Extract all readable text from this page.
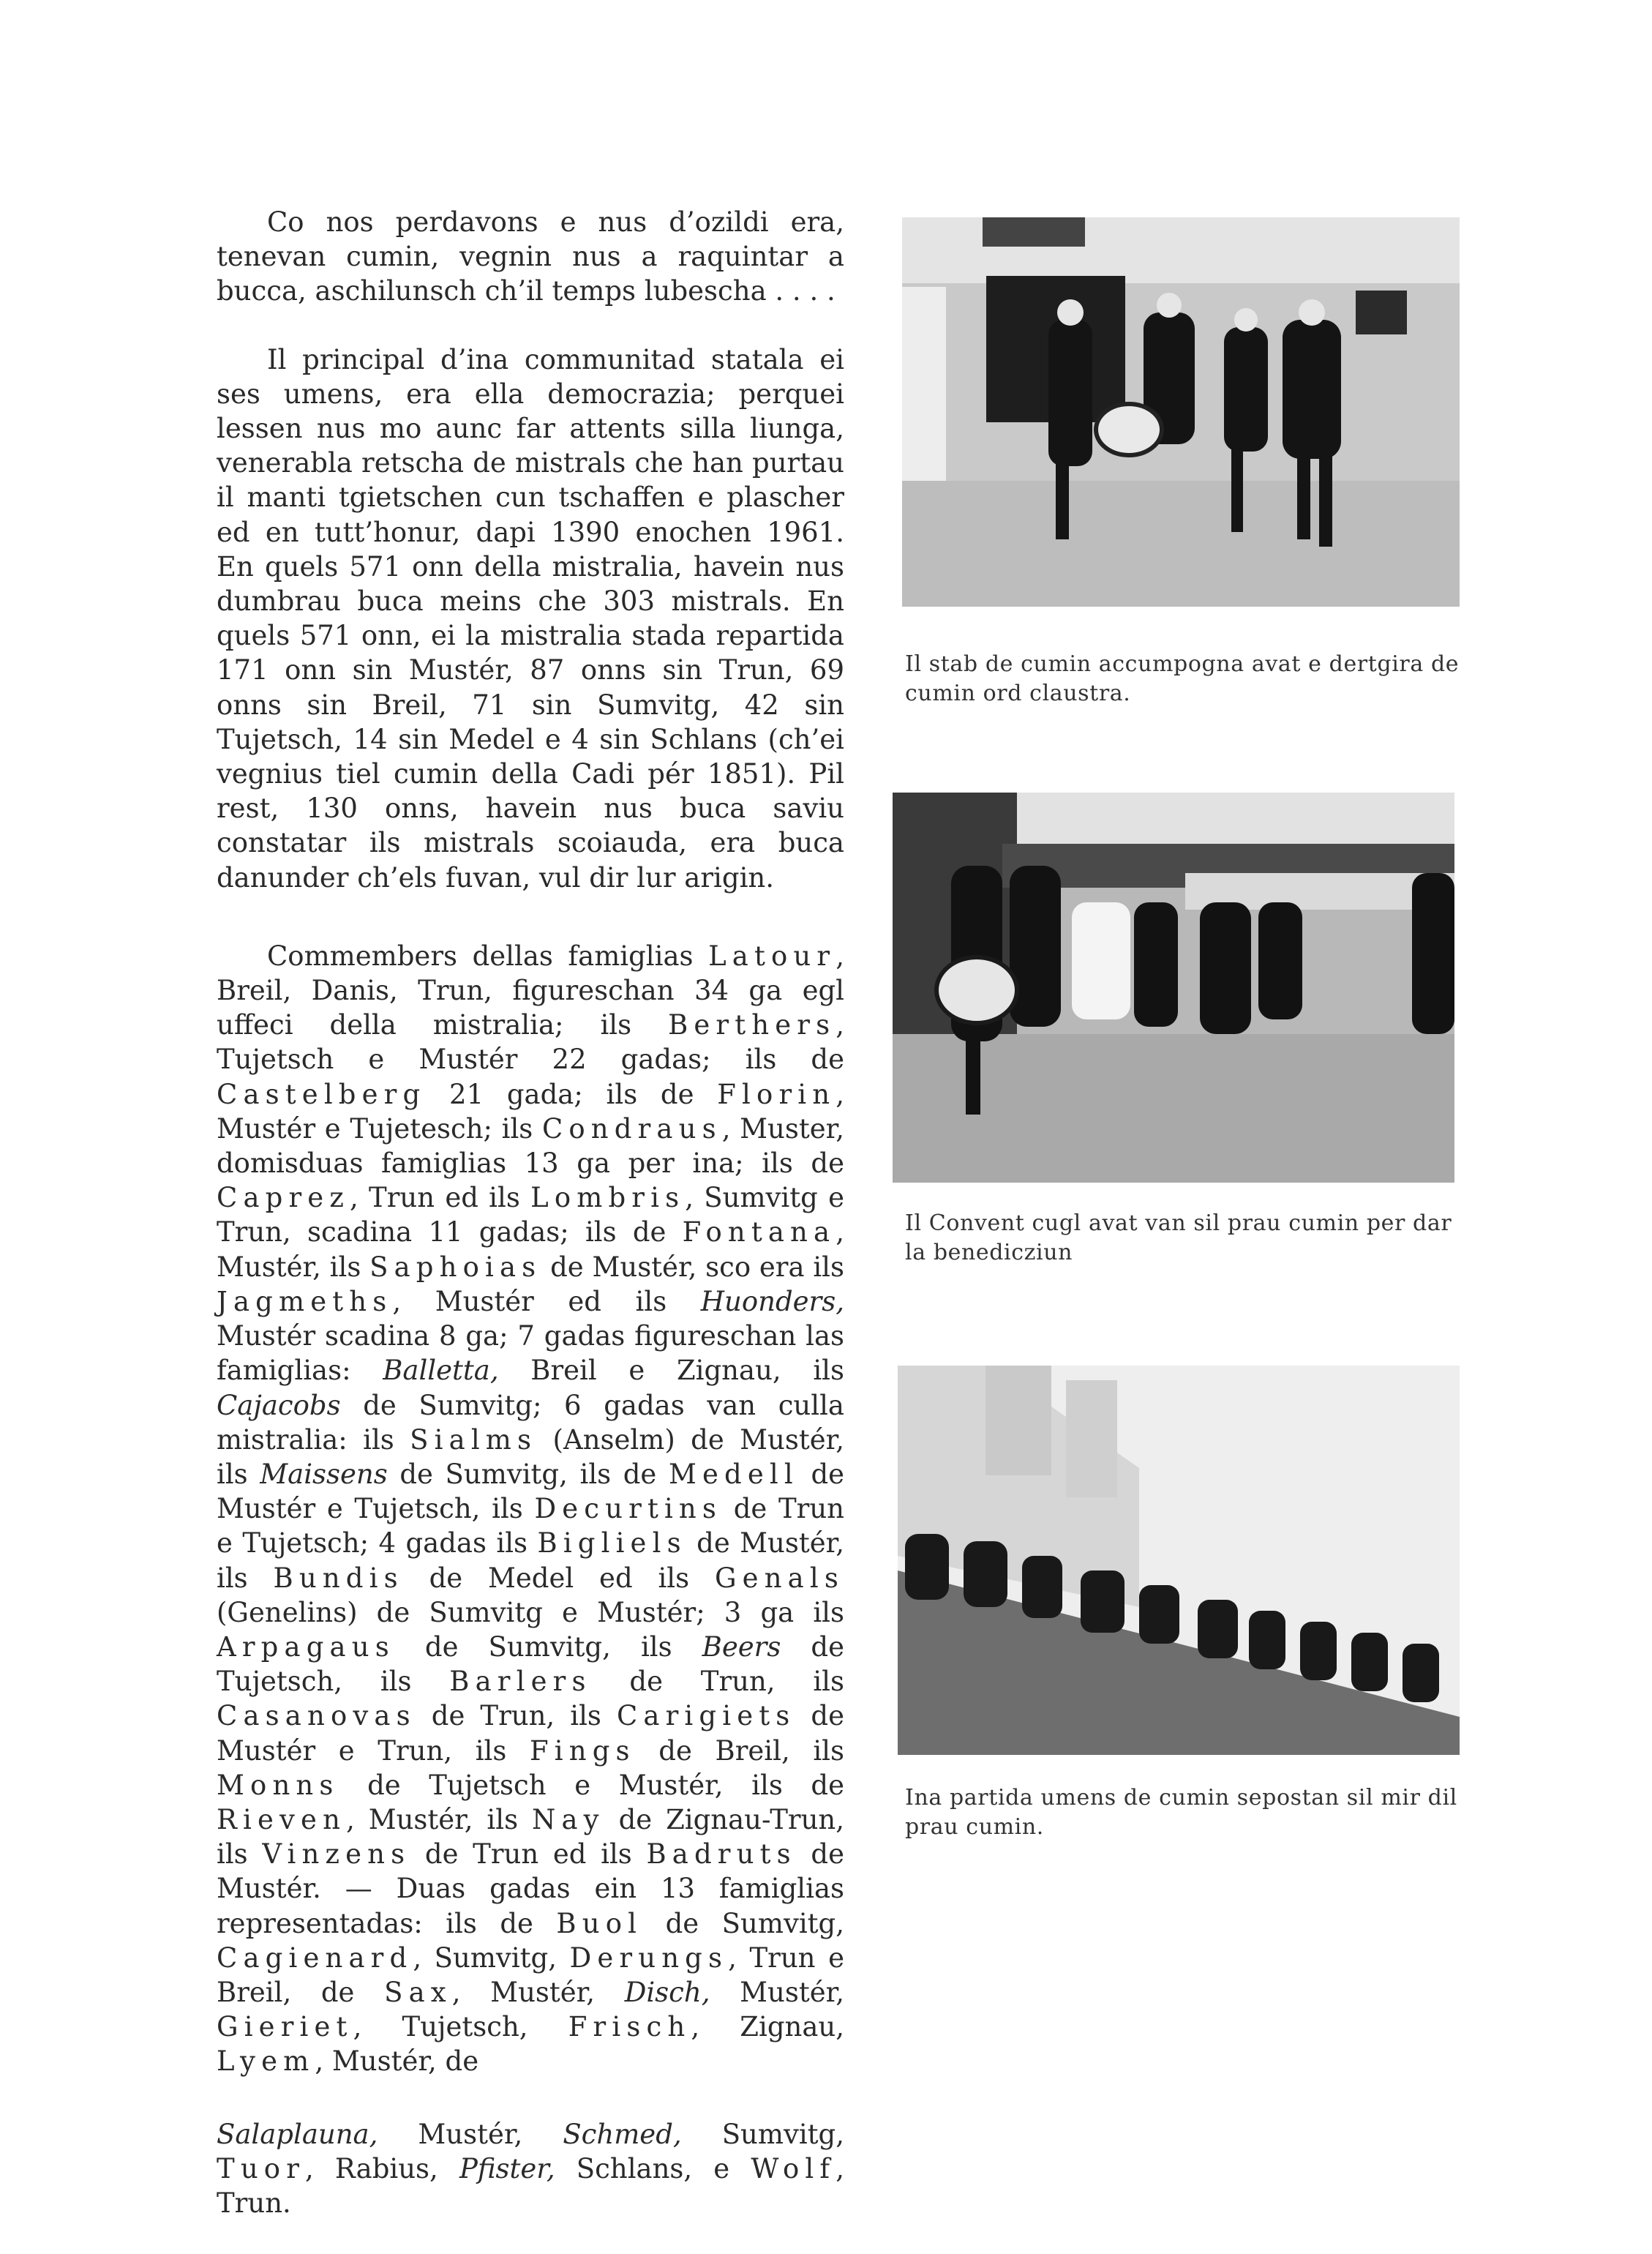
Co nos perdavons e nus d’ozildi era, tenevan cumin, vegnin nus a raquintar a bucca, aschilunsch ch’il temps lubescha . . . .

Il principal d’ina communitad statala ei ses umens, era ella democrazia; perquei lessen nus mo aunc far attents silla liunga, venerabla retscha de mistrals che han purtau il manti tgietschen cun tschaffen e plascher ed en tutt’honur, dapi 1390 enochen 1961. En quels 571 onn della mistralia, havein nus dumbrau buca meins che 303 mistrals. En quels 571 onn, ei la mistralia stada repartida 171 onn sin Mustér, 87 onns sin Trun, 69 onns sin Breil, 71 sin Sumvitg, 42 sin Tujetsch, 14 sin Medel e 4 sin Schlans (ch’ei vegnius tiel cumin della Cadi pér 1851). Pil rest, 130 onns, havein nus buca saviu constatar ils mistrals scoiauda, era buca danunder ch’els fuvan, vul dir lur arigin.

Commembers dellas famiglias Latour, Breil, Danis, Trun, figureschan 34 ga egl uffeci della mistralia; ils Berthers, Tujetsch e Mustér 22 gadas; ils de Castelberg 21 gada; ils de Florin, Mustér e Tujetesch; ils Condraus, Muster, domisduas famiglias 13 ga per ina; ils de Caprez, Trun ed ils Lombris, Sumvitg e Trun, scadina 11 gadas; ils de Fontana, Mustér, ils Saphoias de Mustér, sco era ils Jagmeths, Mustér ed ils Huonders, Mustér scadina 8 ga; 7 gadas figureschan las famiglias: Balletta, Breil e Zignau, ils Cajacobs de Sumvitg; 6 gadas van culla mistralia: ils Sialms (Anselm) de Mustér, ils Maissens de Sumvitg, ils de Medell de Mustér e Tujetsch, ils Decurtins de Trun e Tujetsch; 4 gadas ils Bigliels de Mustér, ils Bundis de Medel ed ils Genals (Genelins) de Sumvitg e Mustér; 3 ga ils Arpagaus de Sumvitg, ils Beers de Tujetsch, ils Barlers de Trun, ils Casanovas de Trun, ils Carigiets de Mustér e Trun, ils Fings de Breil, ils Monns de Tujetsch e Mustér, ils de Rieven, Mustér, ils Nay de Zignau-Trun, ils Vinzens de Trun ed ils Badruts de Mustér. — Duas gadas ein 13 famiglias representadas: ils de Buol de Sumvitg, Cagienard, Sumvitg, Derungs, Trun e Breil, de Sax, Mustér, Disch, Mustér, Gieriet, Tujetsch, Frisch, Zignau, Lyem, Mustér, de

Salaplauna, Mustér, Schmed, Sumvitg, Tuor, Rabius, Pfister, Schlans, e Wolf, Trun.

Il stab de cumin accumpogna avat e dertgira de cumin ord claustra.
Il Convent cugl avat van sil prau cumin per dar la benedicziun
Ina partida umens de cumin sepostan sil mir dil prau cumin.
